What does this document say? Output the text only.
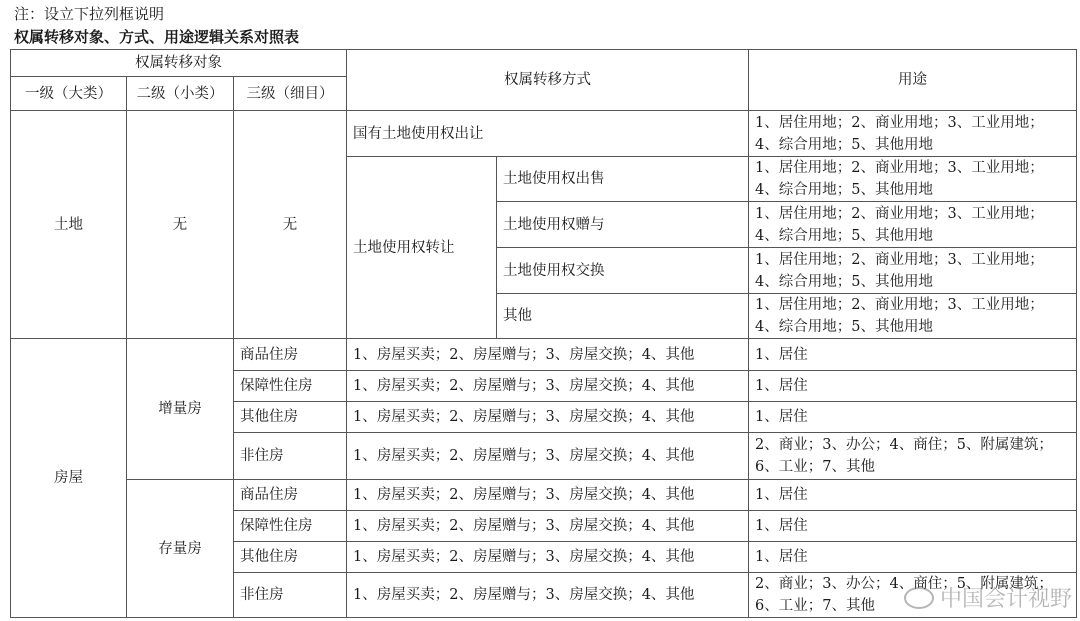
注：设立下拉列框说明
权属转移对象、方式、用途逻辑关系对照表
权属转移对象			权属转移方式		用途
一级（大类）	二级（小类）	三级（细目）			
土地	无	无	国有土地使用权出让		1、居住用地；2、商业用地；3、工业用地；
4、综合用地；5、其他用地
			土地使用权转让	土地使用权出售	1、居住用地；2、商业用地；3、工业用地；
4、综合用地；5、其他用地
				土地使用权赠与	1、居住用地；2、商业用地；3、工业用地；
4、综合用地；5、其他用地
				土地使用权交换	1、居住用地；2、商业用地；3、工业用地；
4、综合用地；5、其他用地
				其他	1、居住用地；2、商业用地；3、工业用地；
4、综合用地；5、其他用地
房屋	增量房	商品住房	1、房屋买卖；2、房屋赠与；3、房屋交换；4、其他		1、居住
		保障性住房	1、房屋买卖；2、房屋赠与；3、房屋交换；4、其他		1、居住
		其他住房	1、房屋买卖；2、房屋赠与；3、房屋交换；4、其他		1、居住
		非住房	1、房屋买卖；2、房屋赠与；3、房屋交换；4、其他		2、商业；3、办公；4、商住；5、附属建筑；
6、工业；7、其他
	存量房	商品住房	1、房屋买卖；2、房屋赠与；3、房屋交换；4、其他		1、居住
		保障性住房	1、房屋买卖；2、房屋赠与；3、房屋交换；4、其他		1、居住
		其他住房	1、房屋买卖；2、房屋赠与；3、房屋交换；4、其他		1、居住
		非住房	1、房屋买卖；2、房屋赠与；3、房屋交换；4、其他		2、商业；3、办公；4、商住；5、附属建筑；
6、工业；7、其他	中国会计视野
